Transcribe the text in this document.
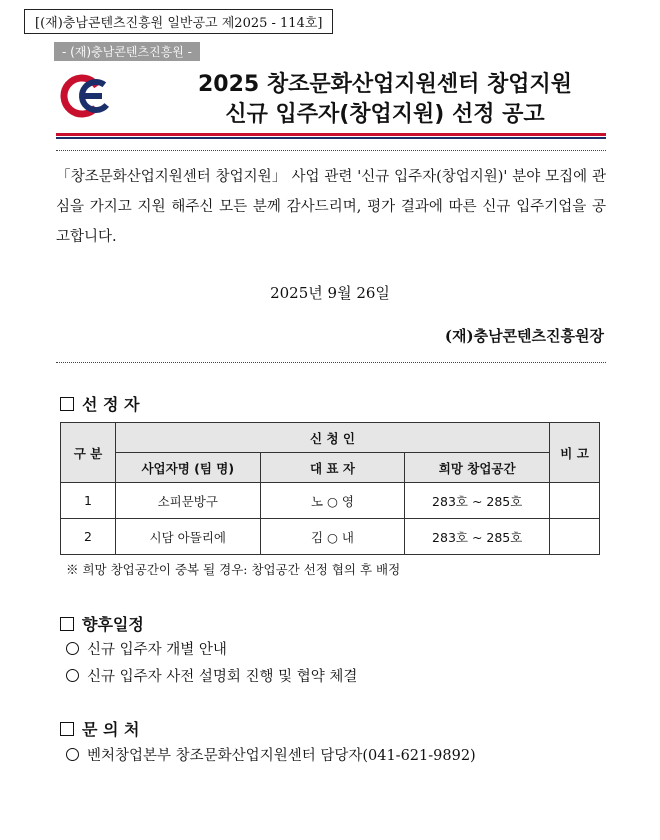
[(재)충남콘텐츠진흥원 일반공고 제2025 - 114호]
- (재)충남콘텐츠진흥원 -
2025 창조문화산업지원센터 창업지원
신규 입주자(창업지원) 선정 공고
「창조문화산업지원센터 창업지원」 사업 관련 '신규 입주자(창업지원)' 분야 모집에 관심을 가지고 지원 해주신 모든 분께 감사드리며, 평가 결과에 따른 신규 입주기업을 공고합니다.
2025년 9월 26일
(재)충남콘텐츠진흥원장
선 정 자
구 분	신 청 인			비 고
	사업자명 (팀 명)	대 표 자	희망 창업공간	
1	소피문방구	노 ○ 영	283호 ~ 285호	
2	시담 아뜰리에	김 ○ 내	283호 ~ 285호	
※ 희망 창업공간이 중복 될 경우: 창업공간 선정 협의 후 배정
향후일정
신규 입주자 개별 안내
신규 입주자 사전 설명회 진행 및 협약 체결
문 의 처
벤처창업본부 창조문화산업지원센터 담당자(041-621-9892)
